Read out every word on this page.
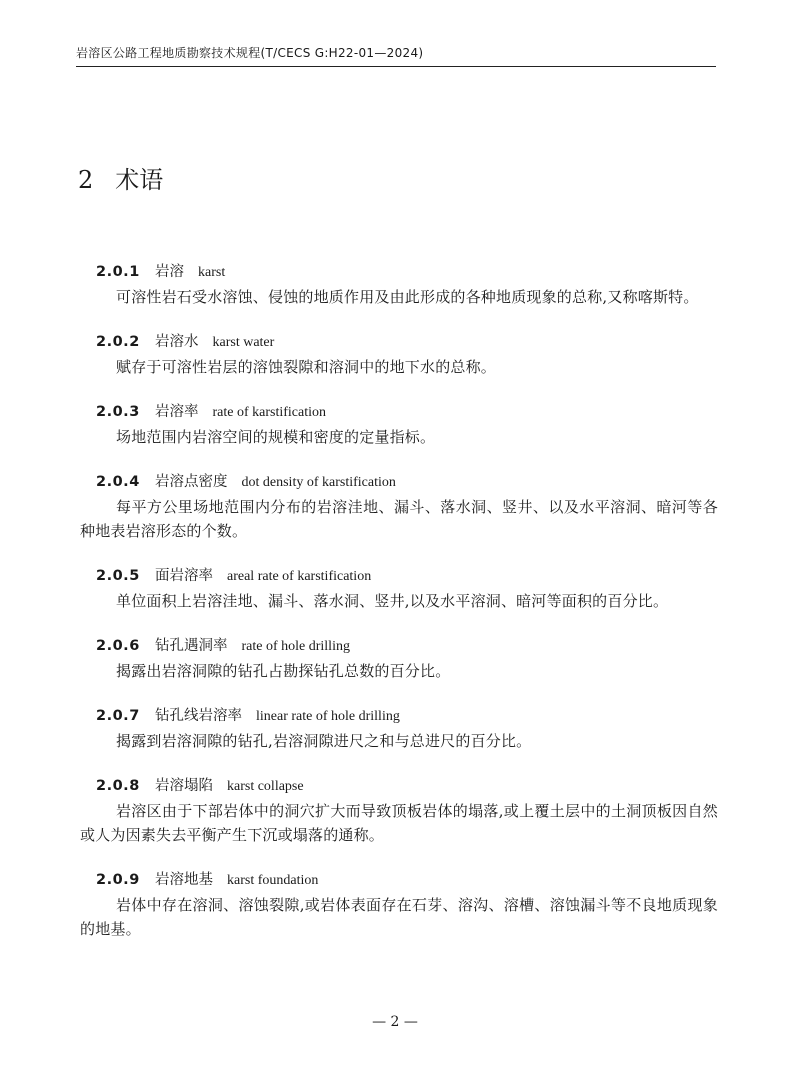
岩溶区公路工程地质勘察技术规程(T/CECS G:H22-01—2024)
2 术语
2.0.1 岩溶 karst
可溶性岩石受水溶蚀、侵蚀的地质作用及由此形成的各种地质现象的总称,又称喀斯特。
2.0.2 岩溶水 karst water
赋存于可溶性岩层的溶蚀裂隙和溶洞中的地下水的总称。
2.0.3 岩溶率 rate of karstification
场地范围内岩溶空间的规模和密度的定量指标。
2.0.4 岩溶点密度 dot density of karstification
每平方公里场地范围内分布的岩溶洼地、漏斗、落水洞、竖井、以及水平溶洞、暗河等各种地表岩溶形态的个数。
2.0.5 面岩溶率 areal rate of karstification
单位面积上岩溶洼地、漏斗、落水洞、竖井,以及水平溶洞、暗河等面积的百分比。
2.0.6 钻孔遇洞率 rate of hole drilling
揭露出岩溶洞隙的钻孔占勘探钻孔总数的百分比。
2.0.7 钻孔线岩溶率 linear rate of hole drilling
揭露到岩溶洞隙的钻孔,岩溶洞隙进尺之和与总进尺的百分比。
2.0.8 岩溶塌陷 karst collapse
岩溶区由于下部岩体中的洞穴扩大而导致顶板岩体的塌落,或上覆土层中的土洞顶板因自然或人为因素失去平衡产生下沉或塌落的通称。
2.0.9 岩溶地基 karst foundation
岩体中存在溶洞、溶蚀裂隙,或岩体表面存在石芽、溶沟、溶槽、溶蚀漏斗等不良地质现象的地基。
— 2 —
